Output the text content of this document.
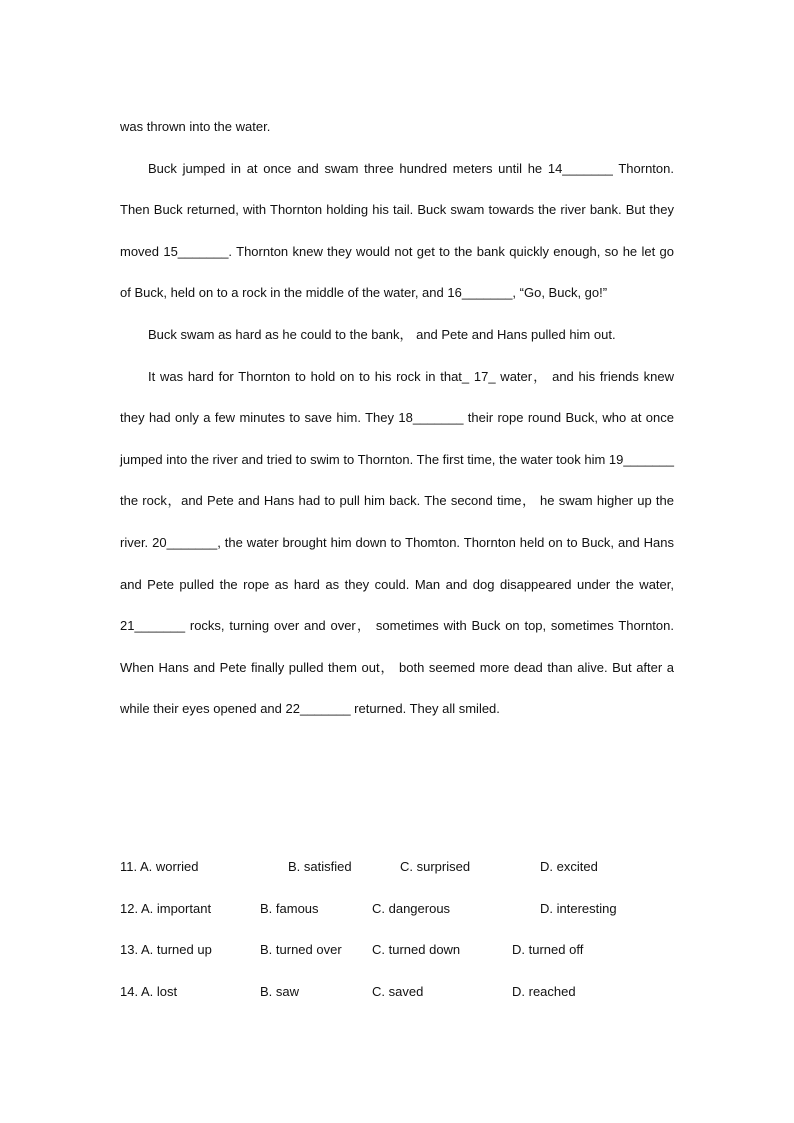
was thrown into the water.

Buck jumped in at once and swam three hundred meters until he 14_______ Thornton. Then Buck returned, with Thornton holding his tail. Buck swam towards the river bank. But they moved 15_______. Thornton knew they would not get to the bank quickly enough, so he let go of Buck, held on to a rock in the middle of the water, and 16_______, “Go, Buck, go!”

Buck swam as hard as he could to the bank， and Pete and Hans pulled him out.

It was hard for Thornton to hold on to his rock in that_ 17_ water， and his friends knew they had only a few minutes to save him. They 18_______ their rope round Buck, who at once jumped into the river and tried to swim to Thornton. The first time, the water took him 19_______ the rock，and Pete and Hans had to pull him back. The second time， he swam higher up the river. 20_______, the water brought him down to Thomton. Thornton held on to Buck, and Hans and Pete pulled the rope as hard as they could. Man and dog disappeared under the water, 21_______ rocks, turning over and over， sometimes with Buck on top, sometimes Thornton. When Hans and Pete finally pulled them out， both seemed more dead than alive. But after a while their eyes opened and 22_______ returned. They all smiled.

11. A. worried	B. satisfied	C. surprised	D. excited
12. A. important	B. famous	C. dangerous	D. interesting
13. A. turned up	B. turned over C. turned down	D. turned off
14. A. lost	B. saw	C. saved	D. reached
